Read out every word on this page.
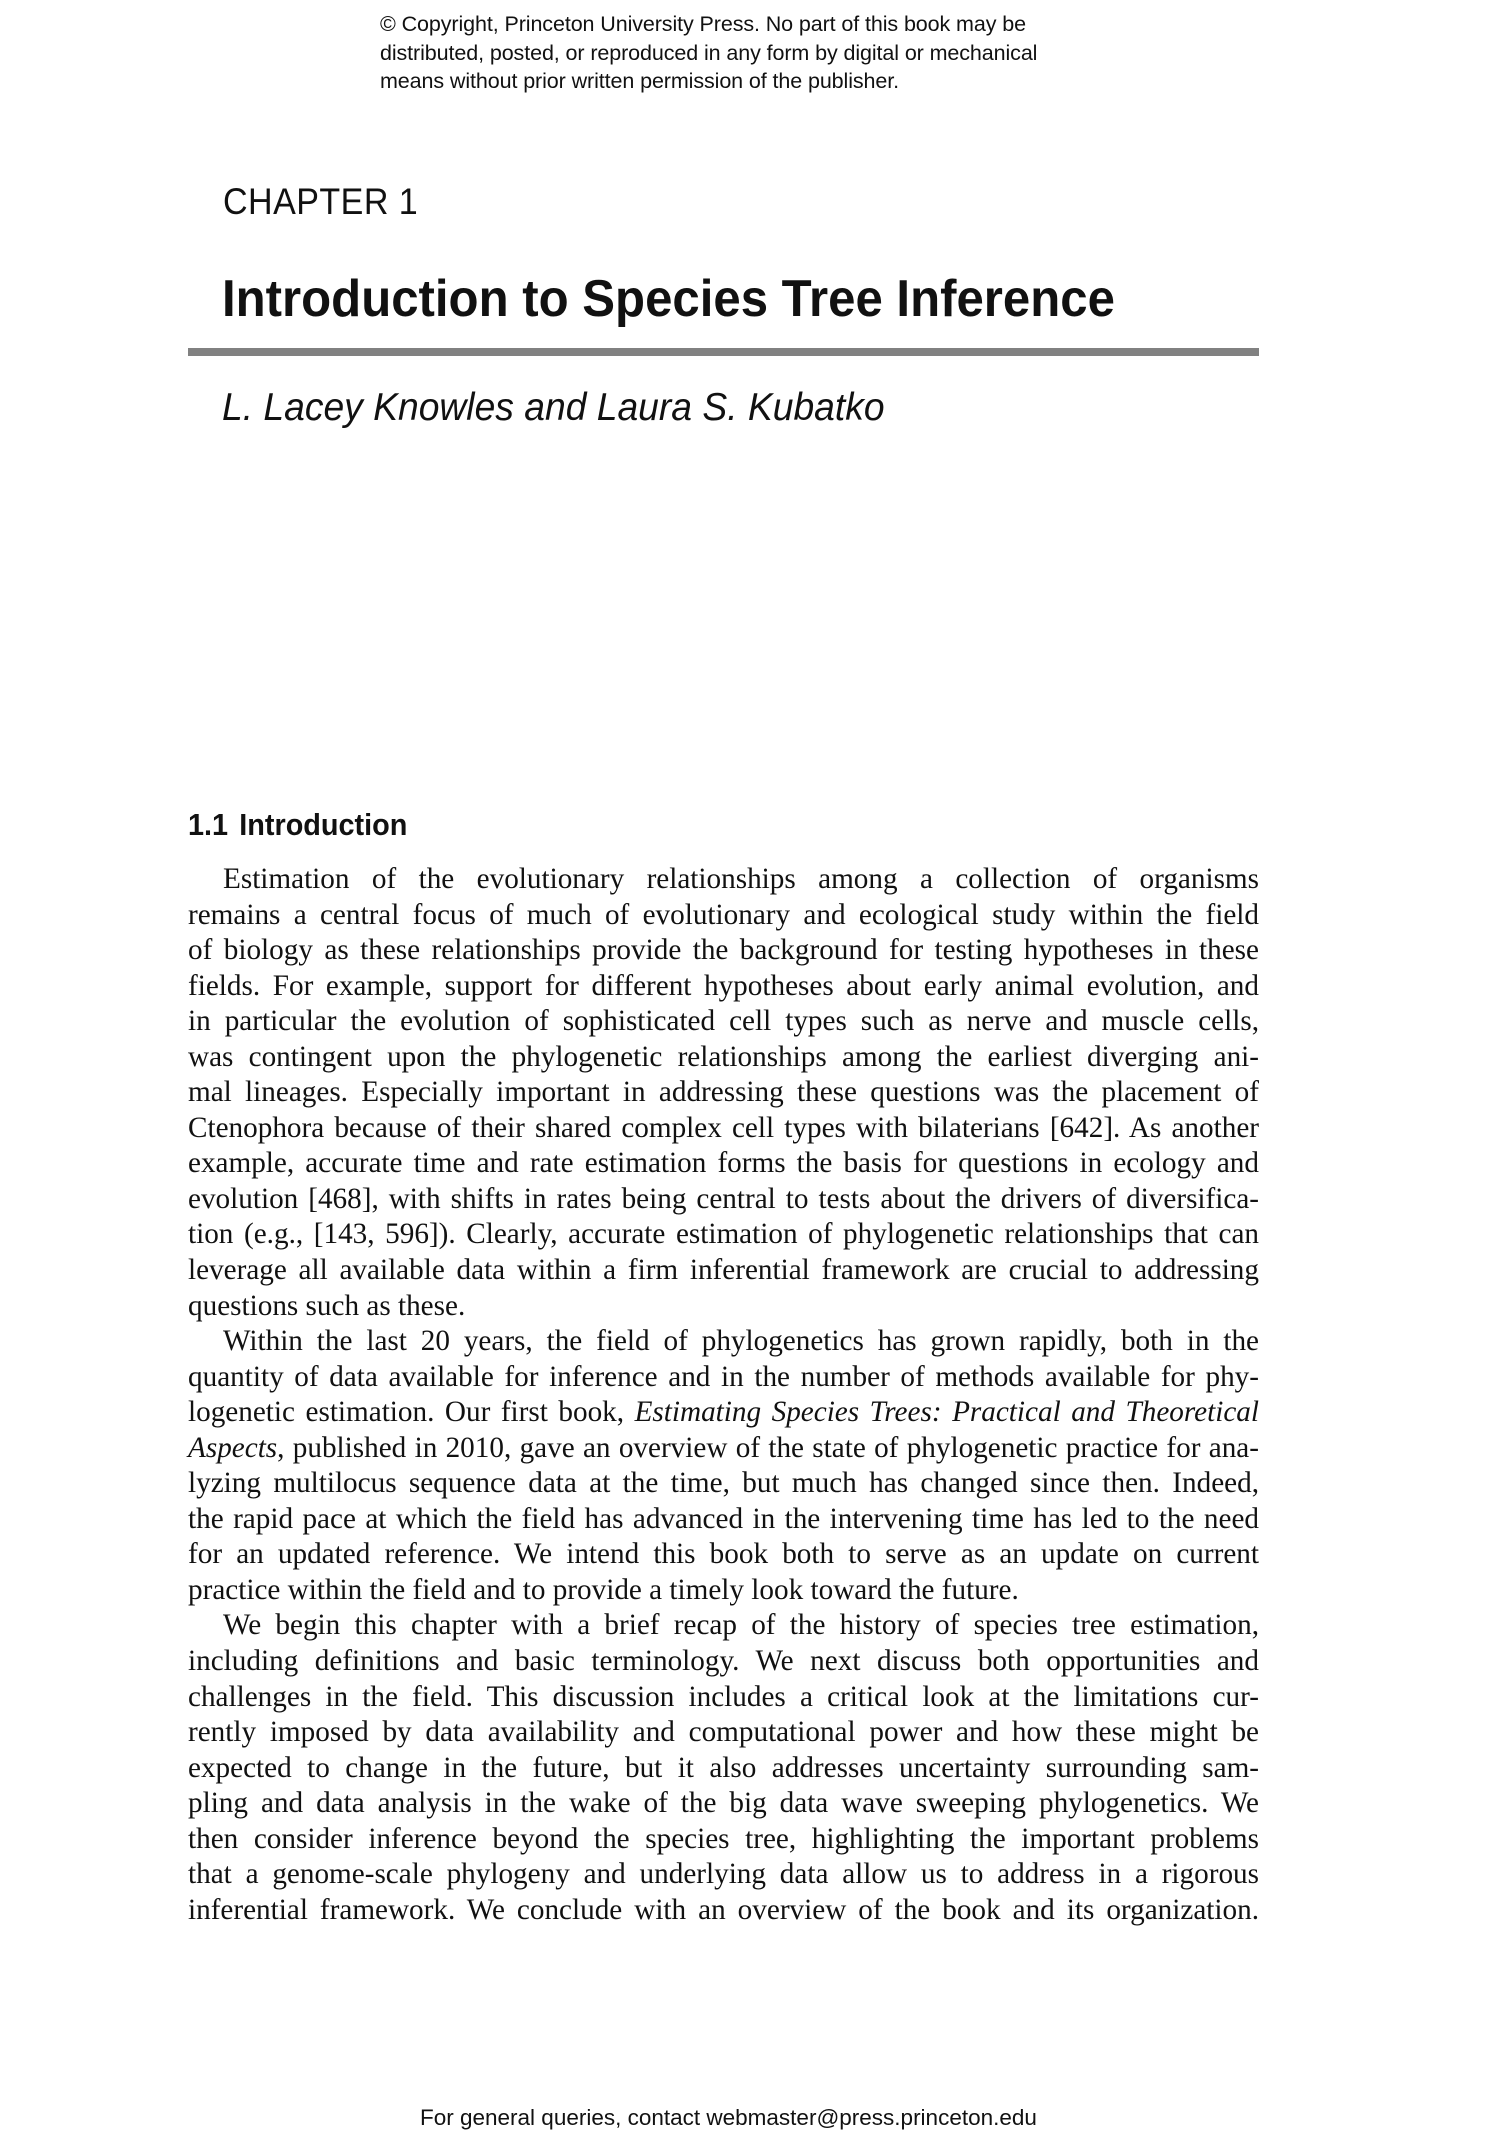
© Copyright, Princeton University Press. No part of this book may be
distributed, posted, or reproduced in any form by digital or mechanical
means without prior written permission of the publisher.
CHAPTER 1
Introduction to Species Tree Inference
L. Lacey Knowles and Laura S. Kubatko
1.1 Introduction
Estimation of the evolutionary relationships among a collection of organisms
remains a central focus of much of evolutionary and ecological study within the field
of biology as these relationships provide the background for testing hypotheses in these
fields. For example, support for different hypotheses about early animal evolution, and
in particular the evolution of sophisticated cell types such as nerve and muscle cells,
was contingent upon the phylogenetic relationships among the earliest diverging ani-
mal lineages. Especially important in addressing these questions was the placement of
Ctenophora because of their shared complex cell types with bilaterians [642]. As another
example, accurate time and rate estimation forms the basis for questions in ecology and
evolution [468], with shifts in rates being central to tests about the drivers of diversifica-
tion (e.g., [143, 596]). Clearly, accurate estimation of phylogenetic relationships that can
leverage all available data within a firm inferential framework are crucial to addressing
questions such as these.
Within the last 20 years, the field of phylogenetics has grown rapidly, both in the
quantity of data available for inference and in the number of methods available for phy-
logenetic estimation. Our first book, Estimating Species Trees: Practical and Theoretical
Aspects, published in 2010, gave an overview of the state of phylogenetic practice for ana-
lyzing multilocus sequence data at the time, but much has changed since then. Indeed,
the rapid pace at which the field has advanced in the intervening time has led to the need
for an updated reference. We intend this book both to serve as an update on current
practice within the field and to provide a timely look toward the future.
We begin this chapter with a brief recap of the history of species tree estimation,
including definitions and basic terminology. We next discuss both opportunities and
challenges in the field. This discussion includes a critical look at the limitations cur-
rently imposed by data availability and computational power and how these might be
expected to change in the future, but it also addresses uncertainty surrounding sam-
pling and data analysis in the wake of the big data wave sweeping phylogenetics. We
then consider inference beyond the species tree, highlighting the important problems
that a genome-scale phylogeny and underlying data allow us to address in a rigorous
inferential framework. We conclude with an overview of the book and its organization.
For general queries, contact webmaster@press.princeton.edu
